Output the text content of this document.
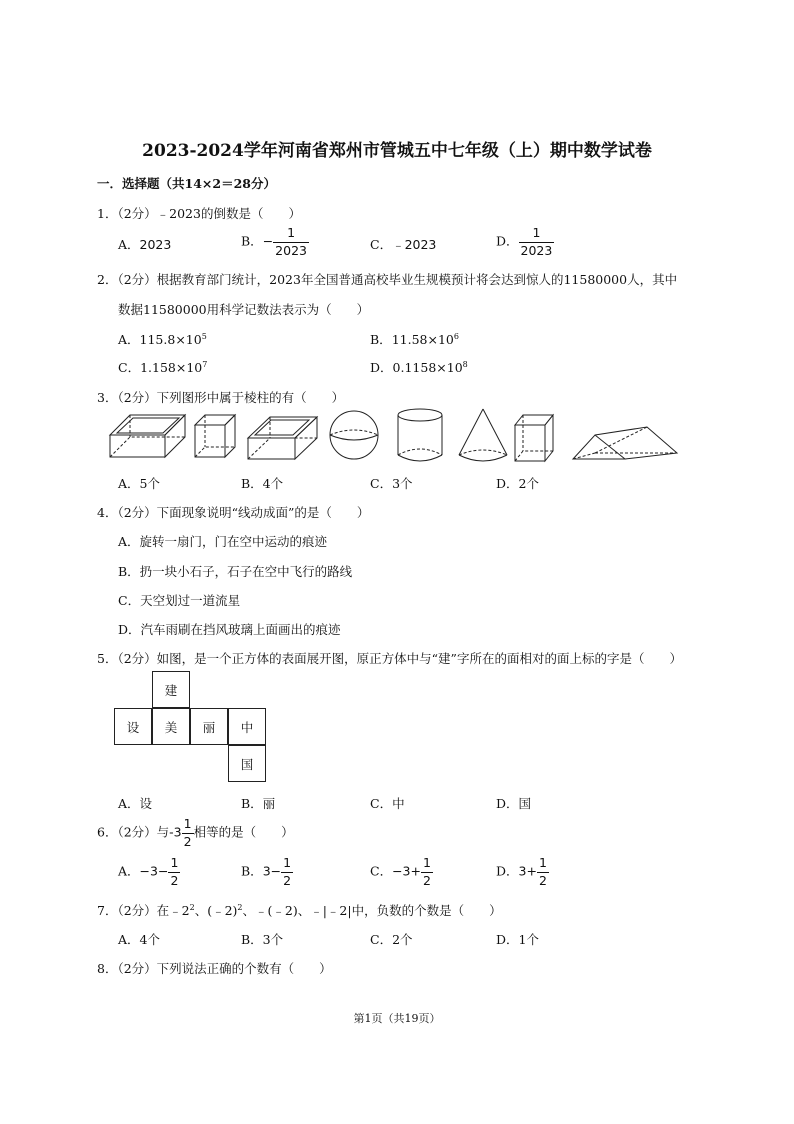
2023-2024学年河南省郑州市管城五中七年级（上）期中数学试卷
一．选择题（共14×2＝28分）
1．（2分）﹣2023的倒数是（　　）
A．2023	B．− $\frac{1}{2023}$	C．﹣2023	D． $\frac{1}{2023}$
2．（2分）根据教育部门统计，2023年全国普通高校毕业生规模预计将会达到惊人的11580000人，其中
数据11580000用科学记数法表示为（　　）
A．$115.8\times 10^5$	B．$11.58\times 10^6$
C．$1.158\times 10^7$	D．$0.1158\times 10^8$
3．（2分）下列图形中属于棱柱的有（　　）
A．5个	B．4个	C．3个	D．2个
4．（2分）下面现象说明“线动成面”的是（　　）
A．旋转一扇门，门在空中运动的痕迹
B．扔一块小石子，石子在空中飞行的路线
C．天空划过一道流星
D．汽车雨刷在挡风玻璃上面画出的痕迹
5．（2分）如图，是一个正方体的表面展开图，原正方体中与“建”字所在的面相对的面上标的字是（　　）
建
设	美	丽	中
国
A．设	B．丽	C．中	D．国
6．（2分）与$-3 \frac{1}{2}$ 相等的是（　　）
A．$-3- \frac{1}{2}$	B．$3- \frac{1}{2}$	C．$-3+ \frac{1}{2}$	D．$3+ \frac{1}{2}$
7．（2分）在$﹣2^2$、(﹣2)$^2$、﹣(﹣2)、﹣|﹣2|中，负数的个数是（　　）
A．4个	B．3个	C．2个	D．1个
8．（2分）下列说法正确的个数有（　　）
第1页（共19页）
